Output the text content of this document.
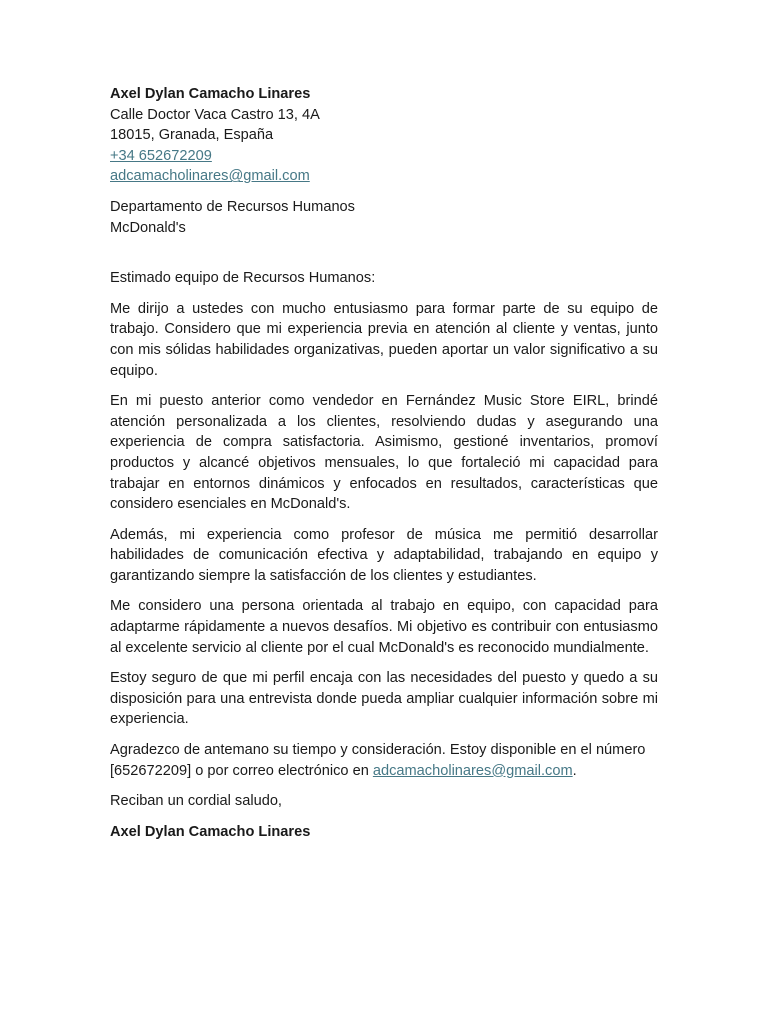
Axel Dylan Camacho Linares
Calle Doctor Vaca Castro 13, 4A
18015, Granada, España
+34 652672209
adcamacholinares@gmail.com
Departamento de Recursos Humanos
McDonald's

Estimado equipo de Recursos Humanos:

Me dirijo a ustedes con mucho entusiasmo para formar parte de su equipo de trabajo. Considero que mi experiencia previa en atención al cliente y ventas, junto con mis sólidas habilidades organizativas, pueden aportar un valor significativo a su equipo.

En mi puesto anterior como vendedor en Fernández Music Store EIRL, brindé atención personalizada a los clientes, resolviendo dudas y asegurando una experiencia de compra satisfactoria. Asimismo, gestioné inventarios, promoví productos y alcancé objetivos mensuales, lo que fortaleció mi capacidad para trabajar en entornos dinámicos y enfocados en resultados, características que considero esenciales en McDonald's.

Además, mi experiencia como profesor de música me permitió desarrollar habilidades de comunicación efectiva y adaptabilidad, trabajando en equipo y garantizando siempre la satisfacción de los clientes y estudiantes.

Me considero una persona orientada al trabajo en equipo, con capacidad para adaptarme rápidamente a nuevos desafíos. Mi objetivo es contribuir con entusiasmo al excelente servicio al cliente por el cual McDonald's es reconocido mundialmente.

Estoy seguro de que mi perfil encaja con las necesidades del puesto y quedo a su disposición para una entrevista donde pueda ampliar cualquier información sobre mi experiencia.

Agradezco de antemano su tiempo y consideración. Estoy disponible en el número [652672209] o por correo electrónico en adcamacholinares@gmail.com.

Reciban un cordial saludo,

Axel Dylan Camacho Linares
